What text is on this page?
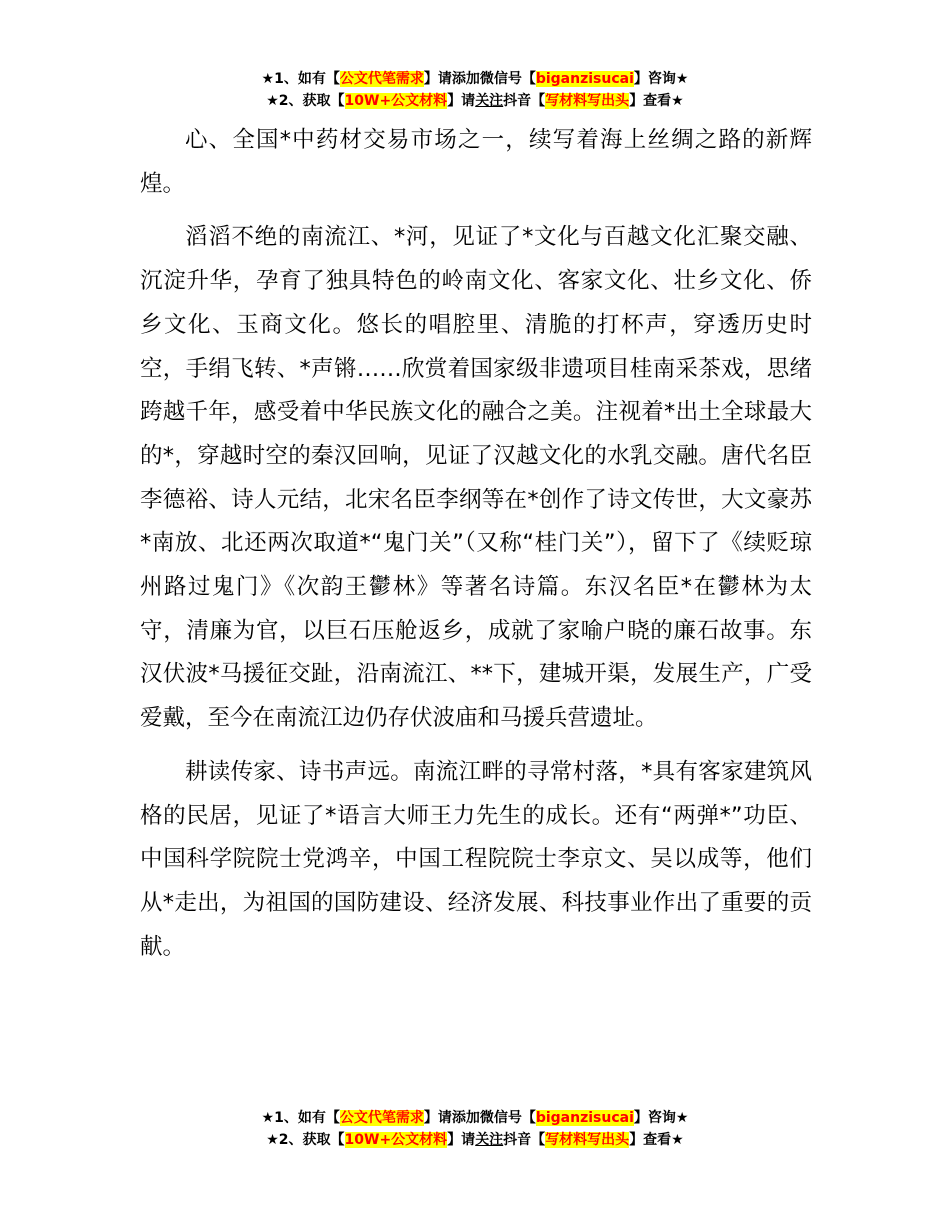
★1、如有【公文代笔需求】请添加微信号【biganzisucai】咨询★
★2、获取【10W+公文材料】请关注抖音【写材料写出头】查看★

心、全国*中药材交易市场之一，续写着海上丝绸之路的新辉煌。

滔滔不绝的南流江、*河，见证了*文化与百越文化汇聚交融、沉淀升华，孕育了独具特色的岭南文化、客家文化、壮乡文化、侨乡文化、玉商文化。悠长的唱腔里、清脆的打杯声，穿透历史时空，手绢飞转、*声锵……欣赏着国家级非遗项目桂南采茶戏，思绪跨越千年，感受着中华民族文化的融合之美。注视着*出土全球最大的*，穿越时空的秦汉回响，见证了汉越文化的水乳交融。唐代名臣李德裕、诗人元结，北宋名臣李纲等在*创作了诗文传世，大文豪苏*南放、北还两次取道*“鬼门关”（又称“桂门关”），留下了《续贬琼州路过鬼门》《次韵王鬱林》等著名诗篇。东汉名臣*在鬱林为太守，清廉为官，以巨石压舱返乡，成就了家喻户晓的廉石故事。东汉伏波*马援征交趾，沿南流江、**下，建城开渠，发展生产，广受爱戴，至今在南流江边仍存伏波庙和马援兵营遗址。

耕读传家、诗书声远。南流江畔的寻常村落，*具有客家建筑风格的民居，见证了*语言大师王力先生的成长。还有“两弹*”功臣、中国科学院院士党鸿辛，中国工程院院士李京文、吴以成等，他们从*走出，为祖国的国防建设、经济发展、科技事业作出了重要的贡献。

★1、如有【公文代笔需求】请添加微信号【biganzisucai】咨询★
★2、获取【10W+公文材料】请关注抖音【写材料写出头】查看★
